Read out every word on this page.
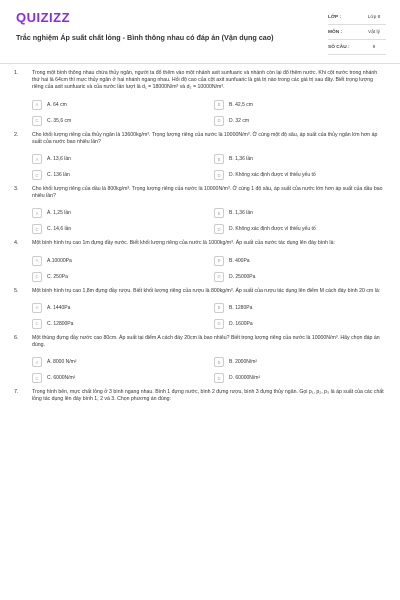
QUIZIZZ
Trắc nghiệm Áp suất chất lỏng - Bình thông nhau có đáp án (Vận dụng cao)
LỚP :	Lớp 8
MÔN :	Vật lý
SỐ CÂU :	9
1.	Trong một bình thông nhau chứa thủy ngân, người ta đổ thêm vào một nhánh axit sunfuaric và nhánh còn lại đổ thêm nước. Khi cột nước trong nhánh thứ hai là 64cm thì mực thủy ngân ở hai nhánh ngang nhau. Hỏi độ cao của cột axit sunfuaric là giá trị nào trong các giá trị sau đây. Biết trọng lượng riêng của axit sunfuaric và của nước lần lượt là d₁ = 18000N/m³ và d₂ = 10000N/m³.
A	A. 64 cm	B	B. 42,5 cm
C	C. 35,6 cm	D	D. 32 cm
2.	Cho khối lượng riêng của thủy ngân là 13600kg/m³. Trọng lượng riêng của nước là 10000N/m³. Ở cùng một độ sâu, áp suất của thủy ngân lớn hơn áp suất của nước bao nhiêu lần?
A	A. 13,6 lần	B	B. 1,36 lần
C	C. 136 lần	D	D. Không xác định được vì thiếu yếu tố
3.	Cho khối lượng riêng của dầu là 800kg/m³. Trọng lượng riêng của nước là 10000N/m³. Ở cùng 1 độ sâu, áp suất của nước lớn hơn áp suất của dầu bao nhiêu lần?
A	A. 1,25 lần	B	B. 1,36 lần
C	C. 14,6 lần	D	D. Không xác định được vì thiếu yếu tố
4.	Một bình hình trụ cao 1m đựng đầy nước. Biết khối lượng riêng của nước là 1000kg/m³. Áp suất của nước tác dụng lên đáy bình là:
A	A.10000Pa	B	B. 400Pa
C	C. 250Pa	D	D. 25000Pa
5.	Một bình hình trụ cao 1,8m đựng đầy rượu. Biết khối lượng riêng của rượu là 800kg/m³. Áp suất của rượu tác dụng lên điểm M cách đáy bình 20 cm là:
A	A. 1440Pa	B	B. 1280Pa
C	C. 12800Pa	D	D. 1600Pa
6.	Một thùng đựng đầy nước cao 80cm. Áp suất tại điểm A cách đáy 20cm là bao nhiêu? Biết trọng lượng riêng của nước là 10000N/m³. Hãy chọn đáp án đúng.
A	A. 8000 N/m²	B	B. 2000N/m²
C	C. 6000N/m²	D	D. 60000N/m²
7.	Trong hình bên, mực chất lỏng ở 3 bình ngang nhau. Bình 1 đựng nước, bình 2 đựng rượu, bình 3 đựng thủy ngân. Gọi p₁, p₂, p₃ là áp suất của các chất lỏng tác dụng lên đáy bình 1, 2 và 3. Chọn phương án đúng:
